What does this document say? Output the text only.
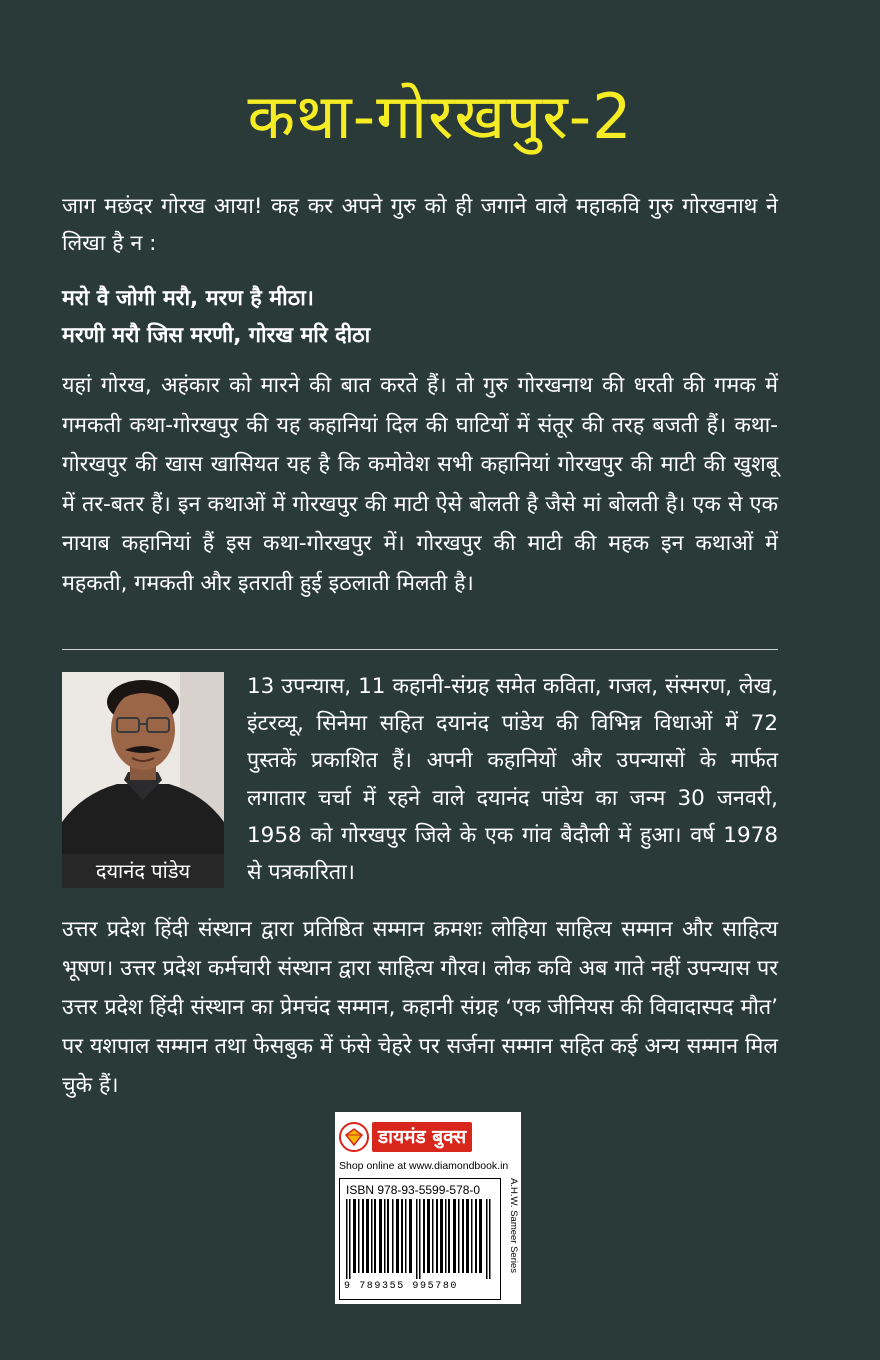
कथा-गोरखपुर-2
जाग मछंदर गोरख आया! कह कर अपने गुरु को ही जगाने वाले महाकवि गुरु गोरखनाथ ने लिखा है न :
मरो वै जोगी मरौ, मरण है मीठा।
मरणी मरौ जिस मरणी, गोरख मरि दीठा
यहां गोरख, अहंकार को मारने की बात करते हैं। तो गुरु गोरखनाथ की धरती की गमक में गमकती कथा-गोरखपुर की यह कहानियां दिल की घाटियों में संतूर की तरह बजती हैं। कथा-गोरखपुर की खास खासियत यह है कि कमोवेश सभी कहानियां गोरखपुर की माटी की खुशबू में तर-बतर हैं। इन कथाओं में गोरखपुर की माटी ऐसे बोलती है जैसे मां बोलती है। एक से एक नायाब कहानियां हैं इस कथा-गोरखपुर में। गोरखपुर की माटी की महक इन कथाओं में महकती, गमकती और इतराती हुई इठलाती मिलती है।
दयानंद पांडेय
13 उपन्यास, 11 कहानी-संग्रह समेत कविता, गजल, संस्मरण, लेख, इंटरव्यू, सिनेमा सहित दयानंद पांडेय की विभिन्न विधाओं में 72 पुस्तकें प्रकाशित हैं। अपनी कहानियों और उपन्यासों के मार्फत लगातार चर्चा में रहने वाले दयानंद पांडेय का जन्म 30 जनवरी, 1958 को गोरखपुर जिले के एक गांव बैदौली में हुआ। वर्ष 1978 से पत्रकारिता।
उत्तर प्रदेश हिंदी संस्थान द्वारा प्रतिष्ठित सम्मान क्रमशः लोहिया साहित्य सम्मान और साहित्य भूषण। उत्तर प्रदेश कर्मचारी संस्थान द्वारा साहित्य गौरव। लोक कवि अब गाते नहीं उपन्यास पर उत्तर प्रदेश हिंदी संस्थान का प्रेमचंद सम्मान, कहानी संग्रह ‘एक जीनियस की विवादास्पद मौत’ पर यशपाल सम्मान तथा फेसबुक में फंसे चेहरे पर सर्जना सम्मान सहित कई अन्य सम्मान मिल चुके हैं।
डायमंड बुक्स
Shop online at www.diamondbook.in
ISBN 978-93-5599-578-0
9 789355 995780
A.H.W. Sameer Series
